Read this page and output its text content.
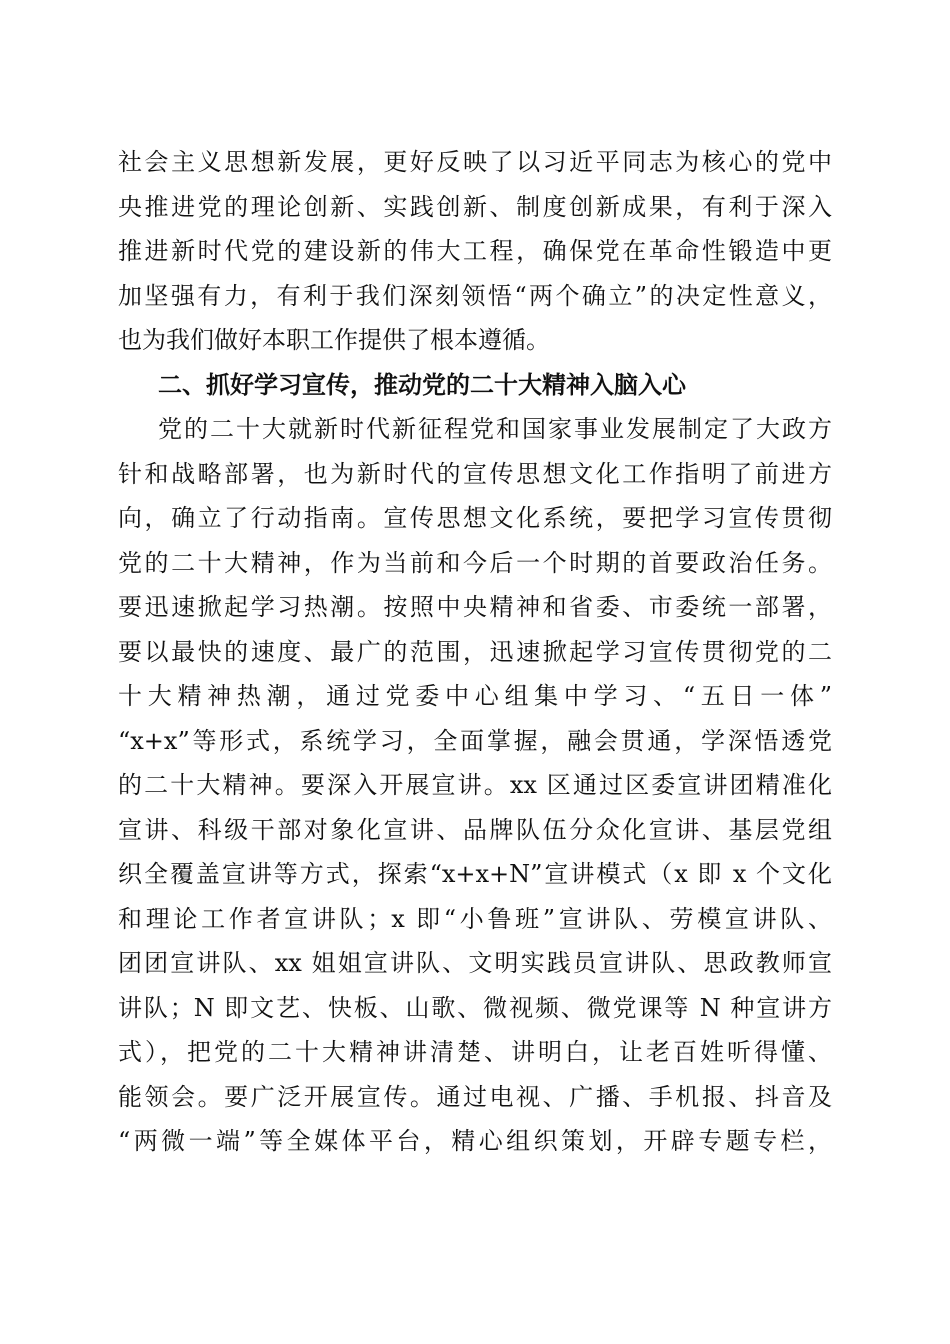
社会主义思想新发展，更好反映了以习近平同志为核心的党中
央推进党的理论创新、实践创新、制度创新成果，有利于深入
推进新时代党的建设新的伟大工程，确保党在革命性锻造中更
加坚强有力，有利于我们深刻领悟“两个确立”的决定性意义，
也为我们做好本职工作提供了根本遵循。
二、抓好学习宣传，推动党的二十大精神入脑入心
党的二十大就新时代新征程党和国家事业发展制定了大政方
针和战略部署，也为新时代的宣传思想文化工作指明了前进方
向，确立了行动指南。宣传思想文化系统，要把学习宣传贯彻
党的二十大精神，作为当前和今后一个时期的首要政治任务。
要迅速掀起学习热潮。按照中央精神和省委、市委统一部署，
要以最快的速度、最广的范围，迅速掀起学习宣传贯彻党的二
十大精神热潮，通过党委中心组集中学习、“五日一体”
“x+x”等形式，系统学习，全面掌握，融会贯通，学深悟透党
的二十大精神。要深入开展宣讲。xx 区通过区委宣讲团精准化
宣讲、科级干部对象化宣讲、品牌队伍分众化宣讲、基层党组
织全覆盖宣讲等方式，探索“x+x+N”宣讲模式（x 即 x 个文化
和理论工作者宣讲队；x 即“小鲁班”宣讲队、劳模宣讲队、
团团宣讲队、xx 姐姐宣讲队、文明实践员宣讲队、思政教师宣
讲队；N 即文艺、快板、山歌、微视频、微党课等 N 种宣讲方
式），把党的二十大精神讲清楚、讲明白，让老百姓听得懂、
能领会。要广泛开展宣传。通过电视、广播、手机报、抖音及
“两微一端”等全媒体平台，精心组织策划，开辟专题专栏，
